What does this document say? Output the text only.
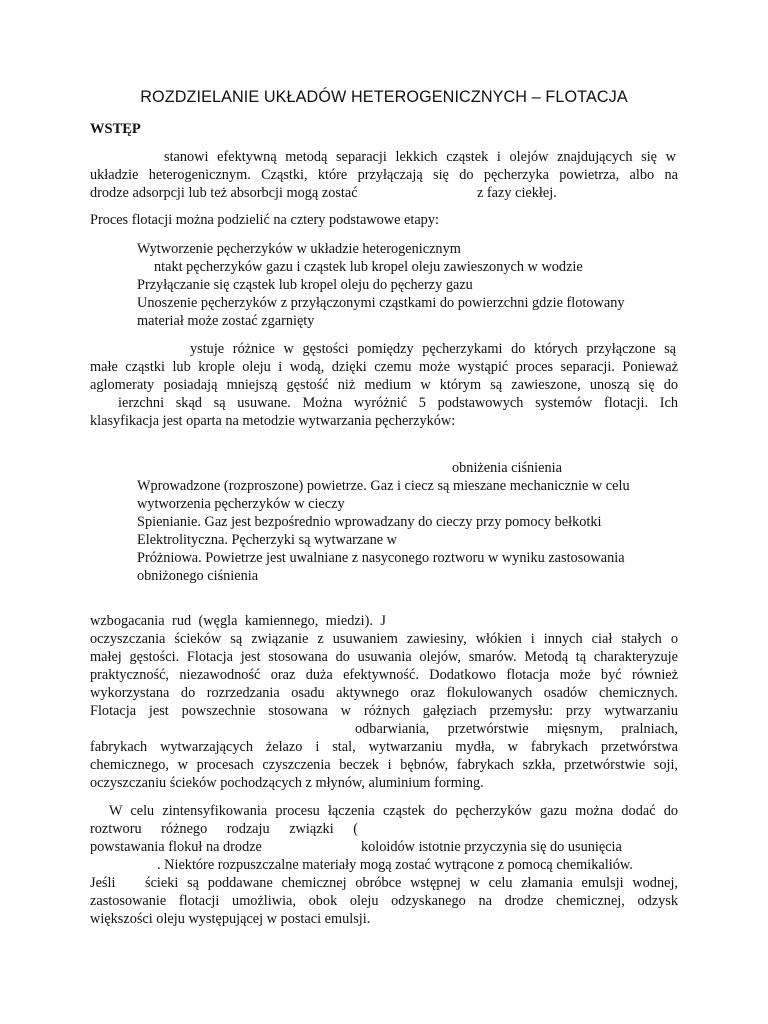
ROZDZIELANIE UKŁADÓW HETEROGENICZNYCH – FLOTACJA
WSTĘP
stanowi efektywną metodą separacji lekkich cząstek i olejów znajdujących się w
układzie heterogenicznym. Cząstki, które przyłączają się do pęcherzyka powietrza, albo na
drodze adsorpcji lub też absorbcji mogą zostać	z fazy ciekłej.
Proces flotacji można podzielić na cztery podstawowe etapy:
Wytworzenie pęcherzyków w układzie heterogenicznym
ntakt pęcherzyków gazu i cząstek lub kropel oleju zawieszonych w wodzie
Przyłączanie się cząstek lub kropel oleju do pęcherzy gazu
Unoszenie pęcherzyków z przyłączonymi cząstkami do powierzchni gdzie flotowany
materiał może zostać zgarnięty
ystuje różnice w gęstości pomiędzy pęcherzykami do których przyłączone są
małe cząstki lub krople oleju i wodą, dzięki czemu może wystąpić proces separacji. Ponieważ
aglomeraty posiadają mniejszą gęstość niż medium w którym są zawieszone, unoszą się do
ierzchni skąd są usuwane. Można wyróżnić 5 podstawowych systemów flotacji. Ich
klasyfikacja jest oparta na metodzie wytwarzania pęcherzyków:
obniżenia ciśnienia
Wprowadzone (rozproszone) powietrze. Gaz i ciecz są mieszane mechanicznie w celu
wytworzenia pęcherzyków w cieczy
Spienianie. Gaz jest bezpośrednio wprowadzany do cieczy przy pomocy bełkotki
Elektrolityczna. Pęcherzyki są wytwarzane w
Próżniowa. Powietrze jest uwalniane z nasyconego roztworu w wyniku zastosowania
obniżonego ciśnienia
wzbogacania rud (węgla kamiennego, miedzi). J
oczyszczania ścieków są związanie z usuwaniem zawiesiny, włókien i innych ciał stałych o
małej gęstości. Flotacja jest stosowana do usuwania olejów, smarów. Metodą tą charakteryzuje
praktyczność, niezawodność oraz duża efektywność. Dodatkowo flotacja może być również
wykorzystana do rozrzedzania osadu aktywnego oraz flokulowanych osadów chemicznych.
Flotacja jest powszechnie stosowana w różnych gałęziach przemysłu: przy wytwarzaniu
odbarwiania, przetwórstwie mięsnym, pralniach,
fabrykach wytwarzających żelazo i stal, wytwarzaniu mydła, w fabrykach przetwórstwa
chemicznego, w procesach czyszczenia beczek i bębnów, fabrykach szkła, przetwórstwie soji,
oczyszczaniu ścieków pochodzących z młynów, aluminium forming.
W celu zintensyfikowania procesu łączenia cząstek do pęcherzyków gazu można dodać do
roztworu różnego rodzaju związki (
powstawania flokuł na drodze	koloidów istotnie przyczynia się do usunięcia
. Niektóre rozpuszczalne materiały mogą zostać wytrącone z pomocą chemikaliów.
Jeśli ścieki są poddawane chemicznej obróbce wstępnej w celu złamania emulsji wodnej,
zastosowanie flotacji umożliwia, obok oleju odzyskanego na drodze chemicznej, odzysk
większości oleju występującej w postaci emulsji.
